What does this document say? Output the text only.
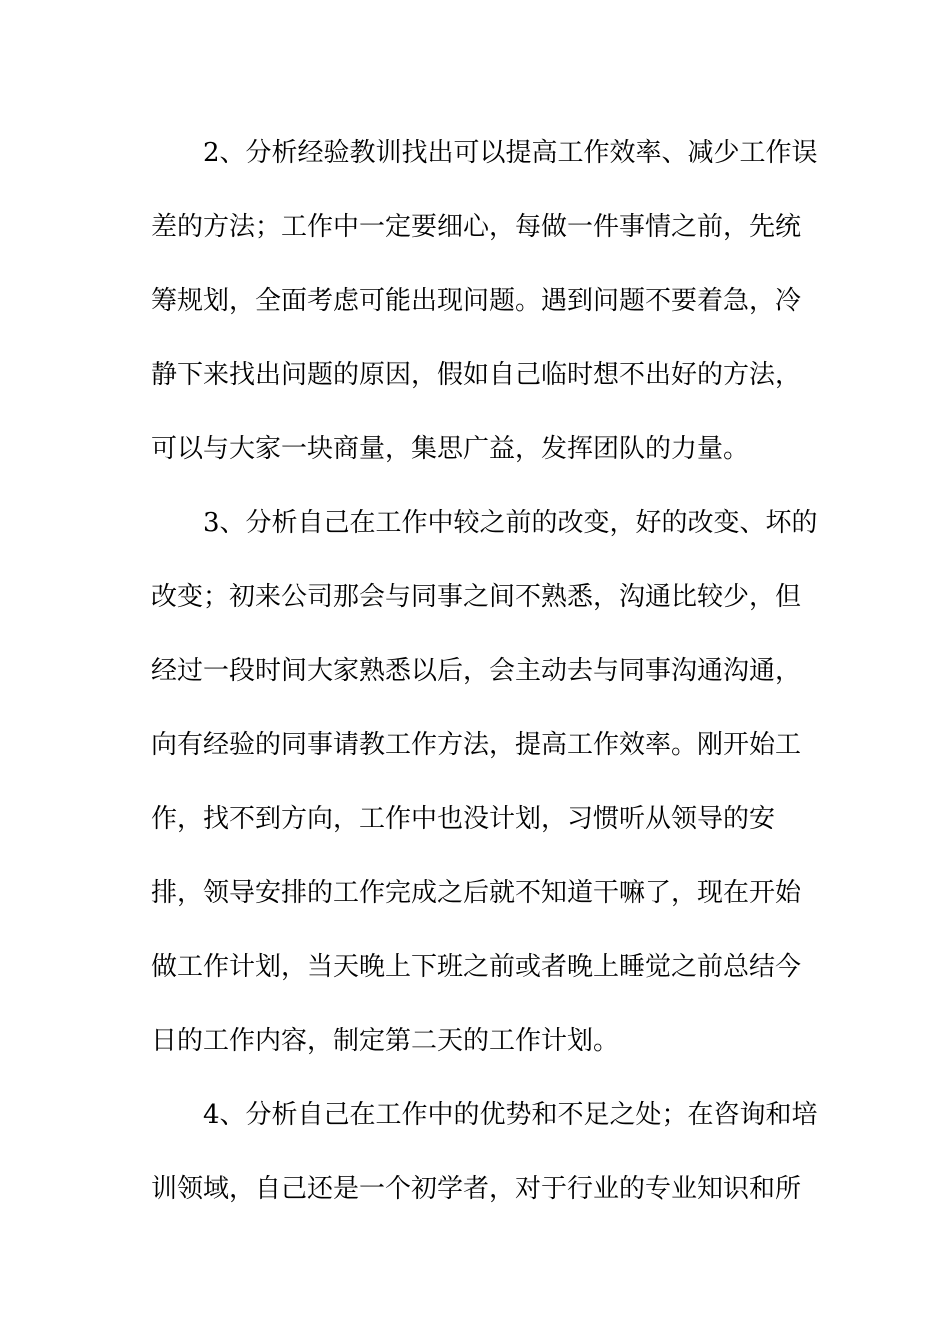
2、分析经验教训找出可以提高工作效率、减少工作误
差的方法；工作中一定要细心，每做一件事情之前，先统
筹规划，全面考虑可能出现问题。遇到问题不要着急，冷
静下来找出问题的原因，假如自己临时想不出好的方法，
可以与大家一块商量，集思广益，发挥团队的力量。
3、分析自己在工作中较之前的改变，好的改变、坏的
改变；初来公司那会与同事之间不熟悉，沟通比较少，但
经过一段时间大家熟悉以后，会主动去与同事沟通沟通，
向有经验的同事请教工作方法，提高工作效率。刚开始工
作，找不到方向，工作中也没计划，习惯听从领导的安
排，领导安排的工作完成之后就不知道干嘛了，现在开始
做工作计划，当天晚上下班之前或者晚上睡觉之前总结今
日的工作内容，制定第二天的工作计划。
4、分析自己在工作中的优势和不足之处；在咨询和培
训领域，自己还是一个初学者，对于行业的专业知识和所
